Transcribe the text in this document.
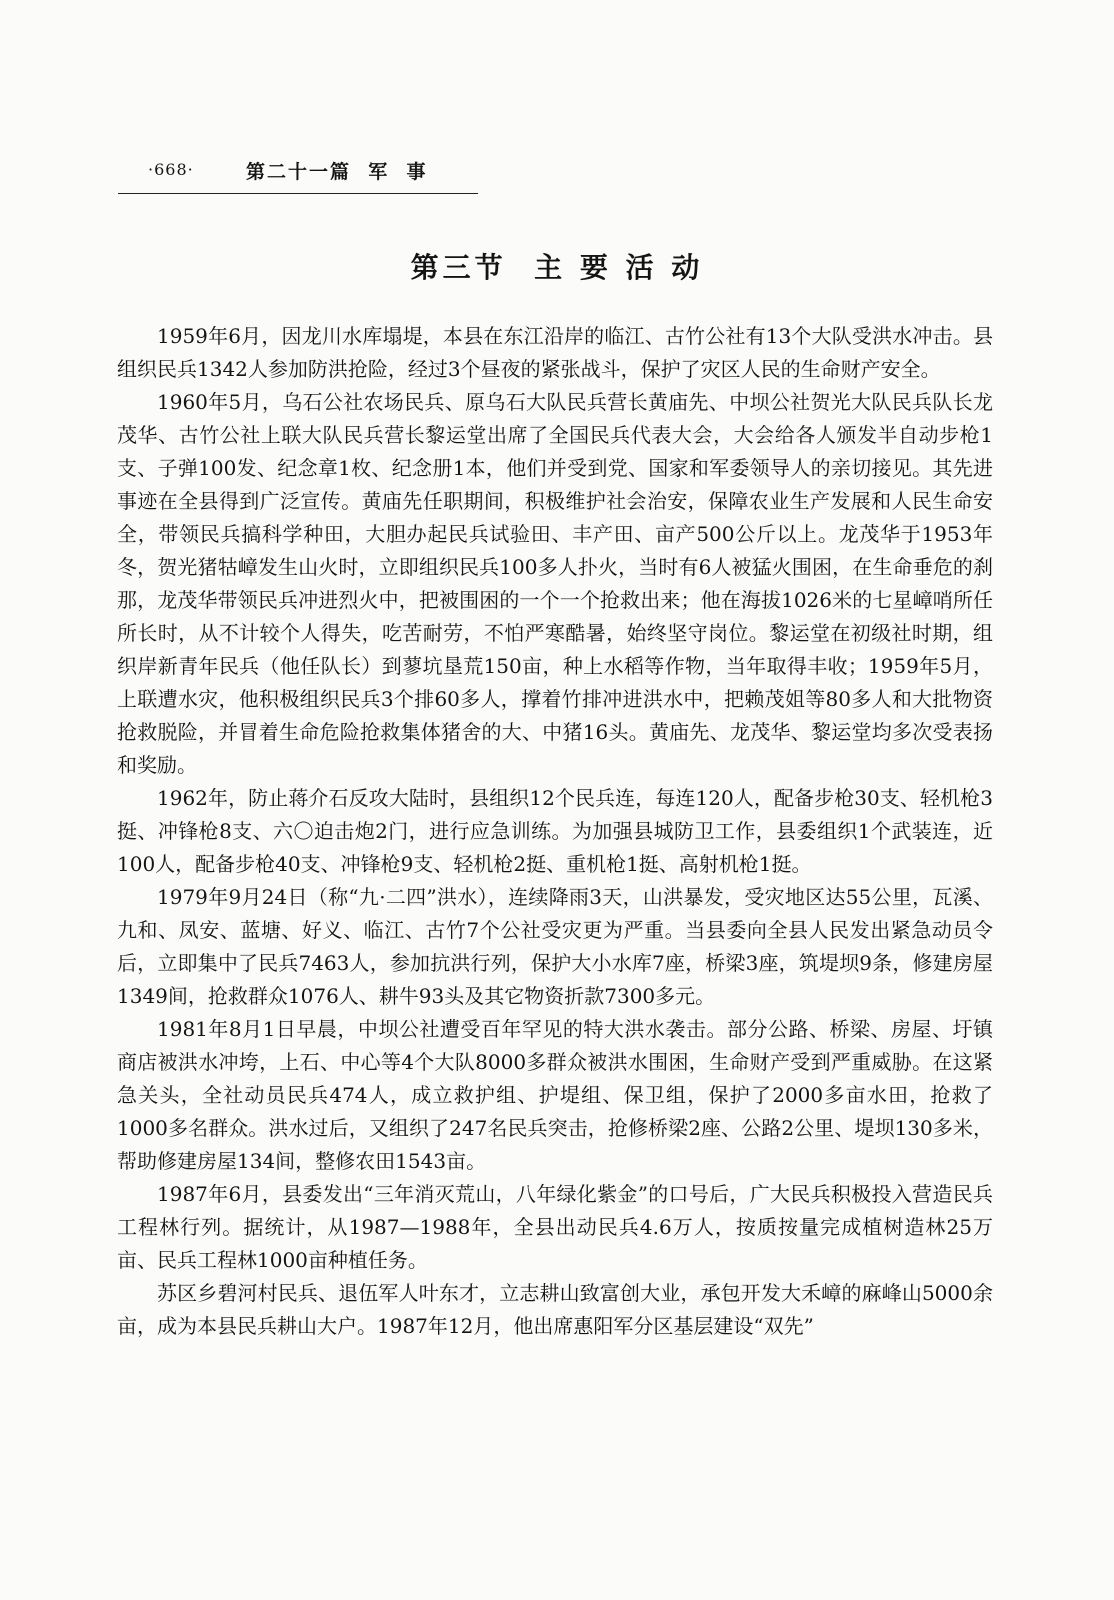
·668·	第二十一篇  军  事
第三节  主 要 活 动

1959年6月，因龙川水库塌堤，本县在东江沿岸的临江、古竹公社有13个大队受洪水冲击。县组织民兵1342人参加防洪抢险，经过3个昼夜的紧张战斗，保护了灾区人民的生命财产安全。

1960年5月，乌石公社农场民兵、原乌石大队民兵营长黄庙先、中坝公社贺光大队民兵队长龙茂华、古竹公社上联大队民兵营长黎运堂出席了全国民兵代表大会，大会给各人颁发半自动步枪1支、子弹100发、纪念章1枚、纪念册1本，他们并受到党、国家和军委领导人的亲切接见。其先进事迹在全县得到广泛宣传。黄庙先任职期间，积极维护社会治安，保障农业生产发展和人民生命安全，带领民兵搞科学种田，大胆办起民兵试验田、丰产田、亩产500公斤以上。龙茂华于1953年冬，贺光猪牯嶂发生山火时，立即组织民兵100多人扑火，当时有6人被猛火围困，在生命垂危的刹那，龙茂华带领民兵冲进烈火中，把被围困的一个一个抢救出来；他在海拔1026米的七星嶂哨所任所长时，从不计较个人得失，吃苦耐劳，不怕严寒酷暑，始终坚守岗位。黎运堂在初级社时期，组织岸新青年民兵（他任队长）到蓼坑垦荒150亩，种上水稻等作物，当年取得丰收；1959年5月，上联遭水灾，他积极组织民兵3个排60多人，撑着竹排冲进洪水中，把赖茂姐等80多人和大批物资抢救脱险，并冒着生命危险抢救集体猪舍的大、中猪16头。黄庙先、龙茂华、黎运堂均多次受表扬和奖励。

1962年，防止蒋介石反攻大陆时，县组织12个民兵连，每连120人，配备步枪30支、轻机枪3挺、冲锋枪8支、六〇迫击炮2门，进行应急训练。为加强县城防卫工作，县委组织1个武装连，近100人，配备步枪40支、冲锋枪9支、轻机枪2挺、重机枪1挺、高射机枪1挺。

1979年9月24日（称“九·二四”洪水），连续降雨3天，山洪暴发，受灾地区达55公里，瓦溪、九和、凤安、蓝塘、好义、临江、古竹7个公社受灾更为严重。当县委向全县人民发出紧急动员令后，立即集中了民兵7463人，参加抗洪行列，保护大小水库7座，桥梁3座，筑堤坝9条，修建房屋1349间，抢救群众1076人、耕牛93头及其它物资折款7300多元。

1981年8月1日早晨，中坝公社遭受百年罕见的特大洪水袭击。部分公路、桥梁、房屋、圩镇商店被洪水冲垮，上石、中心等4个大队8000多群众被洪水围困，生命财产受到严重威胁。在这紧急关头，全社动员民兵474人，成立救护组、护堤组、保卫组，保护了2000多亩水田，抢救了1000多名群众。洪水过后，又组织了247名民兵突击，抢修桥梁2座、公路2公里、堤坝130多米，帮助修建房屋134间，整修农田1543亩。

1987年6月，县委发出“三年消灭荒山，八年绿化紫金”的口号后，广大民兵积极投入营造民兵工程林行列。据统计，从1987—1988年，全县出动民兵4.6万人，按质按量完成植树造林25万亩、民兵工程林1000亩种植任务。

苏区乡碧河村民兵、退伍军人叶东才，立志耕山致富创大业，承包开发大禾嶂的麻峰山5000余亩，成为本县民兵耕山大户。1987年12月，他出席惠阳军分区基层建设“双先”
